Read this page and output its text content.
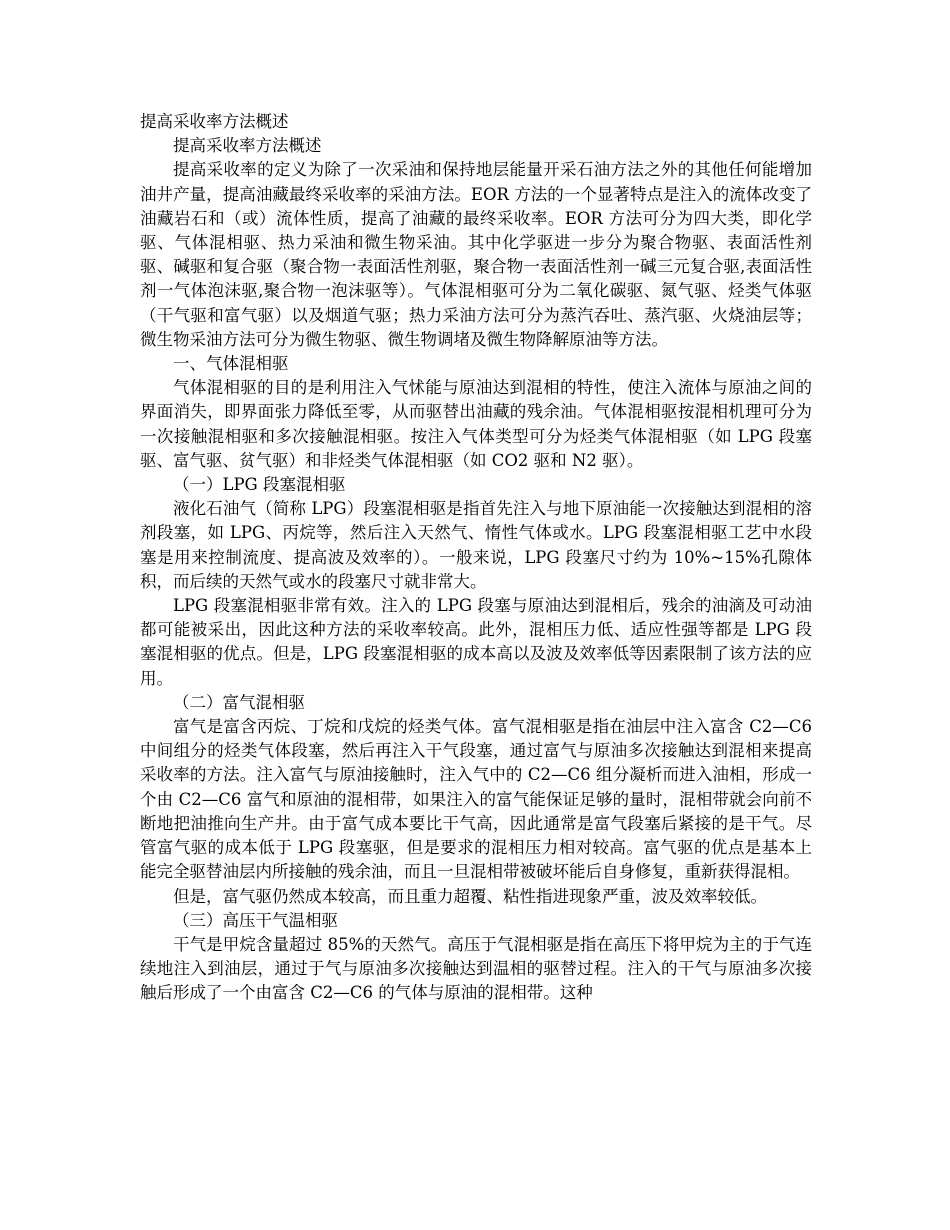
提高采收率方法概述

提高采收率方法概述

提高采收率的定义为除了一次采油和保持地层能量开采石油方法之外的其他任何能增加油井产量，提高油藏最终采收率的采油方法。EOR 方法的一个显著特点是注入的流体改变了油藏岩石和（或）流体性质，提高了油藏的最终采收率。EOR 方法可分为四大类，即化学驱、气体混相驱、热力采油和微生物采油。其中化学驱进一步分为聚合物驱、表面活性剂驱、碱驱和复合驱（聚合物一表面活性剂驱，聚合物一表面活性剂一碱三元复合驱,表面活性剂一气体泡沫驱,聚合物一泡沫驱等）。气体混相驱可分为二氧化碳驱、氮气驱、烃类气体驱（干气驱和富气驱）以及烟道气驱；热力采油方法可分为蒸汽吞吐、蒸汽驱、火烧油层等；微生物采油方法可分为微生物驱、微生物调堵及微生物降解原油等方法。

一、气体混相驱

气体混相驱的目的是利用注入气怵能与原油达到混相的特性，使注入流体与原油之间的界面消失，即界面张力降低至零，从而驱替出油藏的残余油。气体混相驱按混相机理可分为一次接触混相驱和多次接触混相驱。按注入气体类型可分为烃类气体混相驱（如 LPG 段塞驱、富气驱、贫气驱）和非烃类气体混相驱（如 CO2 驱和 N2 驱）。

（一）LPG 段塞混相驱

液化石油气（简称 LPG）段塞混相驱是指首先注入与地下原油能一次接触达到混相的溶剂段塞，如 LPG、丙烷等，然后注入天然气、惰性气体或水。LPG 段塞混相驱工艺中水段塞是用来控制流度、提高波及效率的）。一般来说，LPG 段塞尺寸约为 10%~15%孔隙体积，而后续的天然气或水的段塞尺寸就非常大。

LPG 段塞混相驱非常有效。注入的 LPG 段塞与原油达到混相后，残余的油滴及可动油都可能被采出，因此这种方法的采收率较高。此外，混相压力低、适应性强等都是 LPG 段塞混相驱的优点。但是，LPG 段塞混相驱的成本高以及波及效率低等因素限制了该方法的应用。

（二）富气混相驱

富气是富含丙烷、丁烷和戊烷的烃类气体。富气混相驱是指在油层中注入富含 C2—C6 中间组分的烃类气体段塞，然后再注入干气段塞，通过富气与原油多次接触达到混相来提高采收率的方法。注入富气与原油接触时，注入气中的 C2—C6 组分凝析而进入油相，形成一个由 C2—C6 富气和原油的混相带，如果注入的富气能保证足够的量时，混相带就会向前不断地把油推向生产井。由于富气成本要比干气高，因此通常是富气段塞后紧接的是干气。尽管富气驱的成本低于 LPG 段塞驱，但是要求的混相压力相对较高。富气驱的优点是基本上能完全驱替油层内所接触的残余油，而且一旦混相带被破坏能后自身修复，重新获得混相。

但是，富气驱仍然成本较高，而且重力超覆、粘性指进现象严重，波及效率较低。

（三）高压干气温相驱

干气是甲烷含量超过 85%的天然气。高压于气混相驱是指在高压下将甲烷为主的于气连续地注入到油层，通过于气与原油多次接触达到温相的驱替过程。注入的干气与原油多次接触后形成了一个由富含 C2—C6 的气体与原油的混相带。这种
